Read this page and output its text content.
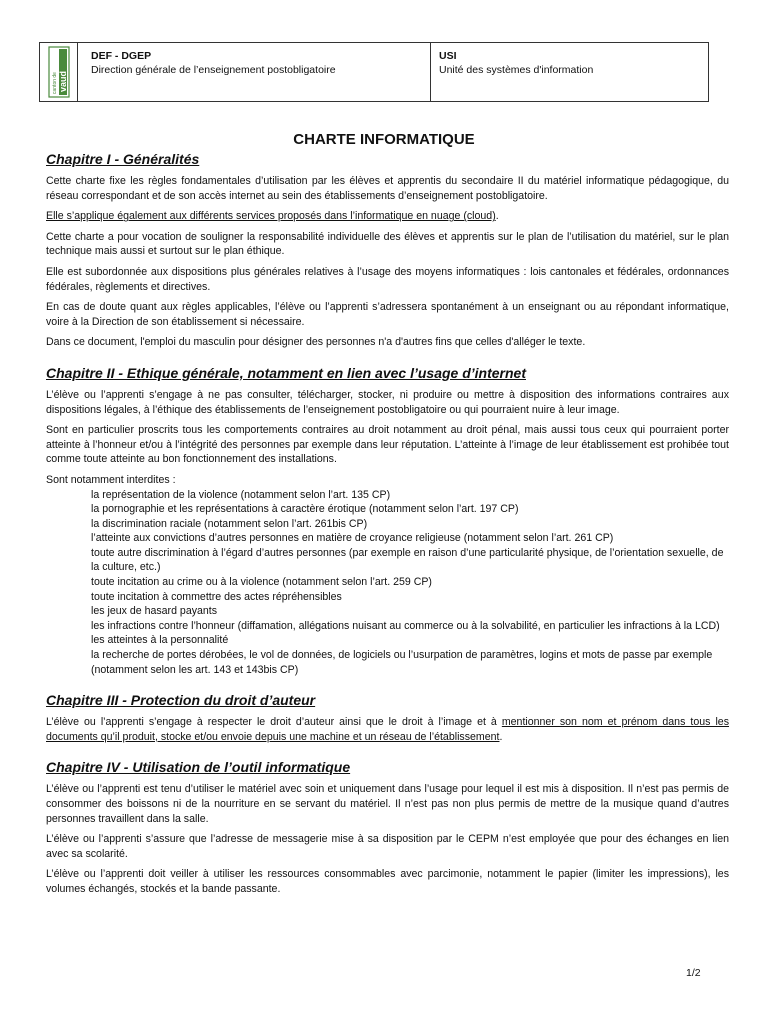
canton de vaud
DEF - DGEP
Direction générale de l’enseignement postobligatoire
USI
Unité des systèmes d'information
CHARTE INFORMATIQUE
Chapitre I - Généralités

Cette charte fixe les règles fondamentales d’utilisation par les élèves et apprentis du secondaire II du matériel informatique pédagogique, du réseau correspondant et de son accès internet au sein des établissements d’enseignement postobligatoire.

Elle s’applique également aux différents services proposés dans l’informatique en nuage (cloud).

Cette charte a pour vocation de souligner la responsabilité individuelle des élèves et apprentis sur le plan de l’utilisation du matériel, sur le plan technique mais aussi et surtout sur le plan éthique.

Elle est subordonnée aux dispositions plus générales relatives à l’usage des moyens informatiques : lois cantonales et fédérales, ordonnances fédérales, règlements et directives.

En cas de doute quant aux règles applicables, l’élève ou l’apprenti s’adressera spontanément à un enseignant ou au répondant informatique, voire à la Direction de son établissement si nécessaire.

Dans ce document, l'emploi du masculin pour désigner des personnes n'a d'autres fins que celles d'alléger le texte.

Chapitre II - Ethique générale, notamment en lien avec l’usage d’internet

L’élève ou l’apprenti s’engage à ne pas consulter, télécharger, stocker, ni produire ou mettre à disposition des informations contraires aux dispositions légales, à l’éthique des établissements de l’enseignement postobligatoire ou qui pourraient nuire à leur image.

Sont en particulier proscrits tous les comportements contraires au droit notamment au droit pénal, mais aussi tous ceux qui pourraient porter atteinte à l’honneur et/ou à l’intégrité des personnes par exemple dans leur réputation. L’atteinte à l’image de leur établissement est prohibée tout comme toute atteinte au bon fonctionnement des installations.

Sont notamment interdites :
la représentation de la violence (notamment selon l’art. 135 CP)
la pornographie et les représentations à caractère érotique (notamment selon l’art. 197 CP)
la discrimination raciale (notamment selon l’art. 261bis CP)
l’atteinte aux convictions d’autres personnes en matière de croyance religieuse (notamment selon l’art. 261 CP)
toute autre discrimination à l’égard d’autres personnes (par exemple en raison d’une particularité physique, de l’orientation sexuelle, de la culture, etc.)
toute incitation au crime ou à la violence (notamment selon l’art. 259 CP)
toute incitation à commettre des actes répréhensibles
les jeux de hasard payants
les infractions contre l’honneur (diffamation, allégations nuisant au commerce ou à la solvabilité, en particulier les infractions à la LCD)
les atteintes à la personnalité
la recherche de portes dérobées, le vol de données, de logiciels ou l’usurpation de paramètres, logins et mots de passe par exemple (notamment selon les art. 143 et 143bis CP)
Chapitre III - Protection du droit d’auteur

L’élève ou l’apprenti s’engage à respecter le droit d’auteur ainsi que le droit à l’image et à mentionner son nom et prénom dans tous les documents qu’il produit, stocke et/ou envoie depuis une machine et un réseau de l’établissement.

Chapitre IV - Utilisation de l’outil informatique

L’élève ou l’apprenti est tenu d’utiliser le matériel avec soin et uniquement dans l’usage pour lequel il est mis à disposition. Il n’est pas permis de consommer des boissons ni de la nourriture en se servant du matériel. Il n’est pas non plus permis de mettre de la musique quand d’autres personnes travaillent dans la salle.

L’élève ou l’apprenti s’assure que l’adresse de messagerie mise à sa disposition par le CEPM n’est employée que pour des échanges en lien avec sa scolarité.

L’élève ou l’apprenti doit veiller à utiliser les ressources consommables avec parcimonie, notamment le papier (limiter les impressions), les volumes échangés, stockés et la bande passante.

1/2
